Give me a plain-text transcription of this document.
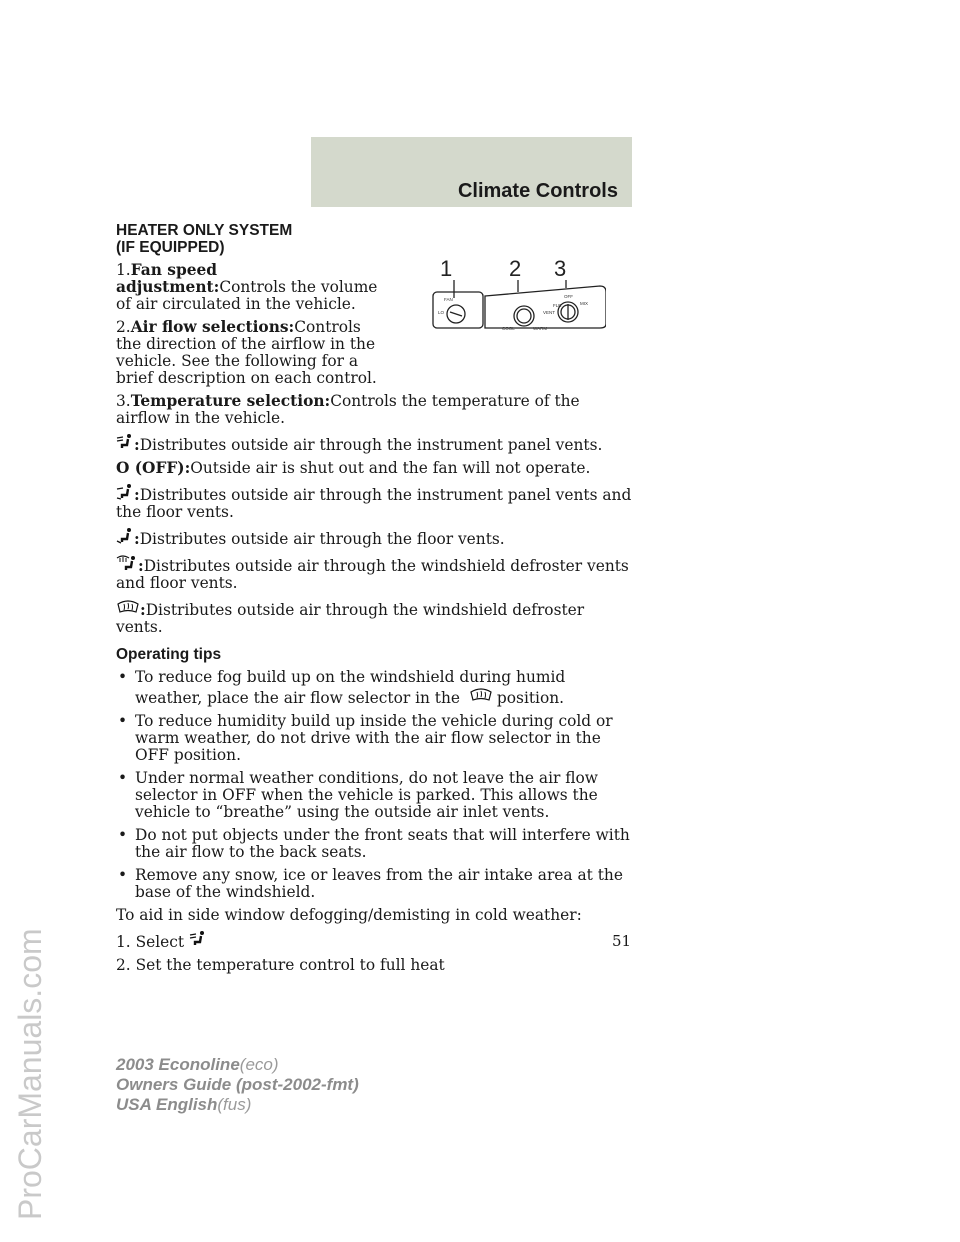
Climate Controls
ProCarManuals.com
1	2 3
FAN
LO
COOL	WARM
VENT
FLR
OFF
MIX
HEATER ONLY SYSTEM
(IF EQUIPPED)

1.Fan speed adjustment:Controls the volume of air circulated in the vehicle.

2.Air flow selections:Controls the direction of the airflow in the vehicle. See the following for a brief description on each control.

3.Temperature selection:Controls the temperature of the airflow in the vehicle.

:Distributes outside air through the instrument panel vents.

O (OFF):Outside air is shut out and the fan will not operate.

:Distributes outside air through the instrument panel vents and the floor vents.

:Distributes outside air through the floor vents.

:Distributes outside air through the windshield defroster vents and floor vents.

:Distributes outside air through the windshield defroster vents.

Operating tips
• To reduce fog build up on the windshield during humid weather, place the air flow selector in the position.
• To reduce humidity build up inside the vehicle during cold or warm weather, do not drive with the air flow selector in the OFF position.
• Under normal weather conditions, do not leave the air flow selector in OFF when the vehicle is parked. This allows the vehicle to “breathe” using the outside air inlet vents.
• Do not put objects under the front seats that will interfere with the air flow to the back seats.
• Remove any snow, ice or leaves from the air intake area at the base of the windshield.

To aid in side window defogging/demisting in cold weather:

1. Select

2. Set the temperature control to full heat

51
2003 Econoline(eco)
Owners Guide (post-2002-fmt)
USA English(fus)
